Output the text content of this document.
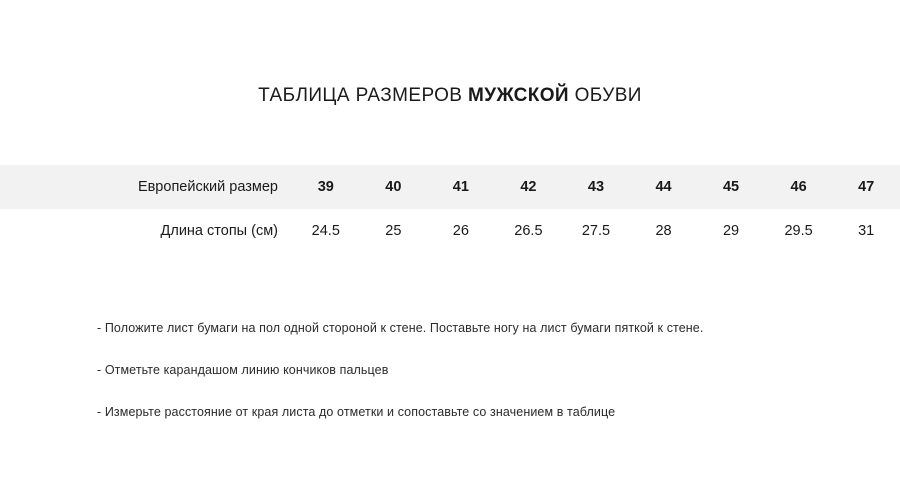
ТАБЛИЦА РАЗМЕРОВ МУЖСКОЙ ОБУВИ
Европейский размер	39	40	41	42	43	44	45	46	47
Длина стопы (см)	24.5	25	26	26.5	27.5	28	29	29.5	31

- Положите лист бумаги на пол одной стороной к стене. Поставьте ногу на лист бумаги пяткой к стене.

- Отметьте карандашом линию кончиков пальцев

- Измерьте расстояние от края листа до отметки и сопоставьте со значением в таблице
